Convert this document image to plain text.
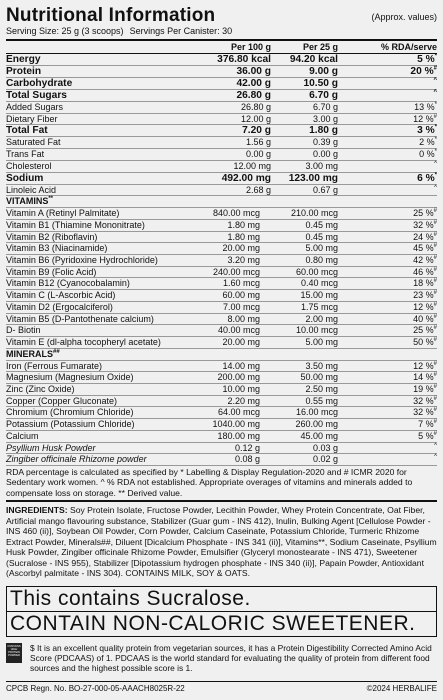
Nutritional Information	(Approx. values)
Serving Size: 25 g (3 scoops) Servings Per Canister: 30
Per 100 g	Per 25 g	% RDA/serve
Energy	376.80 kcal	94.20 kcal	5 %*
Protein	36.00 g	9.00 g	20 %#
Carbohydrate	42.00 g	10.50 g	^
Total Sugars	26.80 g	6.70 g	^
Added Sugars	26.80 g	6.70 g	13 %*
Dietary Fiber	12.00 g	3.00 g	12 %#
Total Fat	7.20 g	1.80 g	3 %*
Saturated Fat	1.56 g	0.39 g	2 %*
Trans Fat	0.00 g	0.00 g	0 %*
Cholesterol	12.00 mg	3.00 mg	^
Sodium	492.00 mg	123.00 mg	6 %*
Linoleic Acid	2.68 g	0.67 g	^
VITAMINS**
Vitamin A (Retinyl Palmitate)	840.00 mcg	210.00 mcg	25 %#
Vitamin B1 (Thiamine Mononitrate)	1.80 mg	0.45 mg	32 %#
Vitamin B2 (Riboflavin)	1.80 mg	0.45 mg	24 %#
Vitamin B3 (Niacinamide)	20.00 mg	5.00 mg	45 %#
Vitamin B6 (Pyridoxine Hydrochloride)	3.20 mg	0.80 mg	42 %#
Vitamin B9 (Folic Acid)	240.00 mcg	60.00 mcg	46 %#
Vitamin B12 (Cyanocobalamin)	1.60 mcg	0.40 mcg	18 %#
Vitamin C (L-Ascorbic Acid)	60.00 mg	15.00 mg	23 %#
Vitamin D2 (Ergocalciferol)	7.00 mcg	1.75 mcg	12 %#
Vitamin B5 (D-Pantothenate calcium)	8.00 mg	2.00 mg	40 %#
D- Biotin	40.00 mcg	10.00 mcg	25 %#
Vitamin E (dl-alpha tocopheryl acetate)	20.00 mg	5.00 mg	50 %#
MINERALS##
Iron (Ferrous Fumarate)	14.00 mg	3.50 mg	12 %#
Magnesium (Magnesium Oxide)	200.00 mg	50.00 mg	14 %#
Zinc (Zinc Oxide)	10.00 mg	2.50 mg	19 %#
Copper (Copper Gluconate)	2.20 mg	0.55 mg	32 %#
Chromium (Chromium Chloride)	64.00 mcg	16.00 mcg	32 %#
Potassium (Potassium Chloride)	1040.00 mg	260.00 mg	7 %#
Calcium	180.00 mg	45.00 mg	5 %#
Psyllium Husk Powder	0.12 g	0.03 g	^
Zingiber officinale Rhizome powder	0.08 g	0.02 g	^
RDA percentage is calculated as specified by * Labelling & Display Regulation-2020 and # ICMR 2020 for Sedentary work women. ^ % RDA not established. Appropriate overages of vitamins and minerals added to compensate loss on storage. ** Derived value.
INGREDIENTS: Soy Protein Isolate, Fructose Powder, Lecithin Powder, Whey Protein Concentrate, Oat Fiber, Artificial mango flavouring substance, Stabilizer (Guar gum - INS 412), Inulin, Bulking Agent [Cellulose Powder - INS 460 (ii)], Soybean Oil Powder, Corn Powder, Calcium Caseinate, Potassium Chloride, Turmeric Rhizome Extract Powder, Minerals##, Diluent [Dicalcium Phosphate - INS 341 (ii)], Vitamins**, Sodium Caseinate, Psyllium Husk Powder, Zingiber officinale Rhizome Powder, Emulsifier (Glyceryl monostearate - INS 471), Sweetener (Sucralose - INS 955), Stabilizer [Dipotassium hydrogen phosphate - INS 340 (ii)], Papain Powder, Antioxidant (Ascorbyl palmitate - INS 304). CONTAINS MILK, SOY & OATS.
This contains Sucralose.
CONTAIN NON-CALORIC SWEETENER.
CONTAINS HIGH PROTEIN POWDER
$ It is an excellent quality protein from vegetarian sources, it has a Protein Digestibility Corrected Amino Acid Score (PDCAAS) of 1. PDCAAS is the world standard for evaluating the quality of protein from different food sources and the highest possible score is 1.
CPCB Regn. No. BO-27-000-05-AAACH8025R-22	©2024 HERBALIFE
